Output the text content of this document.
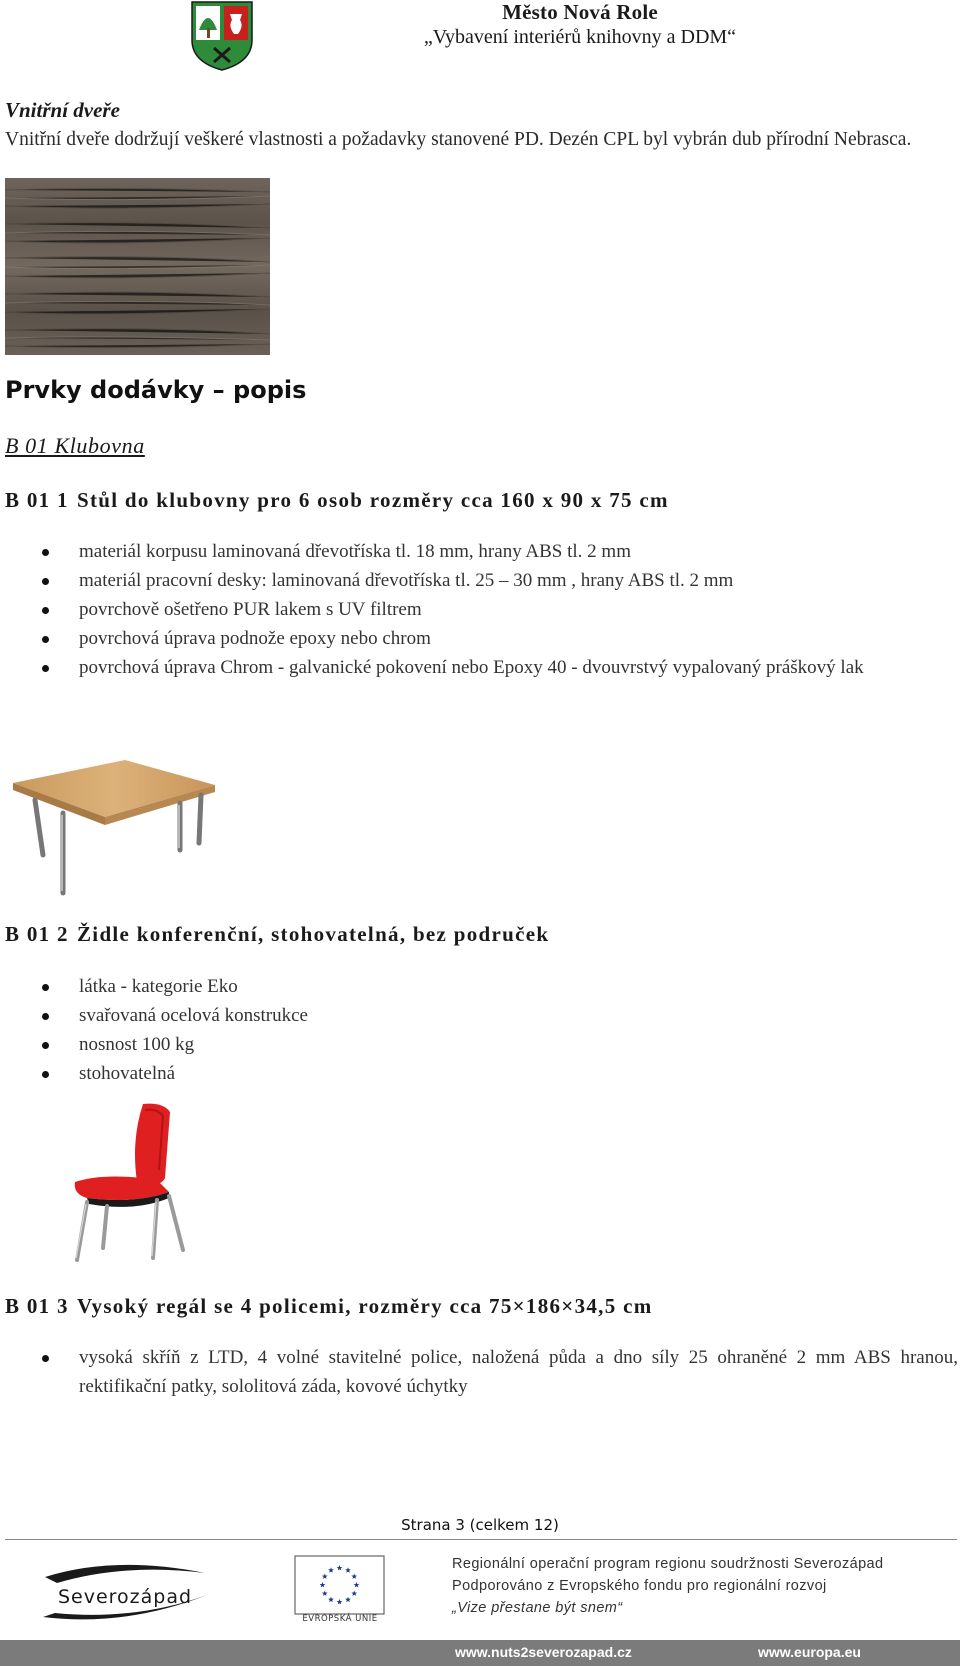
Město Nová Role
„Vybavení interiérů knihovny a DDM“
Vnitřní dveře
Vnitřní dveře dodržují veškeré vlastnosti a požadavky stanovené PD. Dezén CPL byl vybrán dub přírodní Nebrasca.
Prvky dodávky – popis
B 01 Klubovna
B 01 1 Stůl do klubovny pro 6 osob rozměry cca 160 x 90 x 75 cm
materiál korpusu laminovaná dřevotříska tl. 18 mm, hrany ABS tl. 2 mm
materiál pracovní desky: laminovaná dřevotříska tl. 25 – 30 mm , hrany ABS tl. 2 mm
povrchově ošetřeno PUR lakem s UV filtrem
povrchová úprava podnože epoxy nebo chrom
povrchová úprava Chrom - galvanické pokovení nebo Epoxy 40 - dvouvrstvý vypalovaný práškový lak
B 01 2 Židle konferenční, stohovatelná, bez područek
látka - kategorie Eko
svařovaná ocelová konstrukce
nosnost 100 kg
stohovatelná
B 01 3 Vysoký regál se 4 policemi, rozměry cca 75×186×34,5 cm
vysoká skříň z LTD, 4 volné stavitelné police, naložená půda a dno síly 25 ohraněné 2 mm ABS hranou, rektifikační patky, sololitová záda, kovové úchytky
Strana 3 (celkem 12)
Severozápad
EVROPSKÁ UNIE
Regionální operační program regionu soudržnosti Severozápad
Podporováno z Evropského fondu pro regionální rozvoj
„Vize přestane být snem“
www.nuts2severozapad.cz	www.europa.eu
